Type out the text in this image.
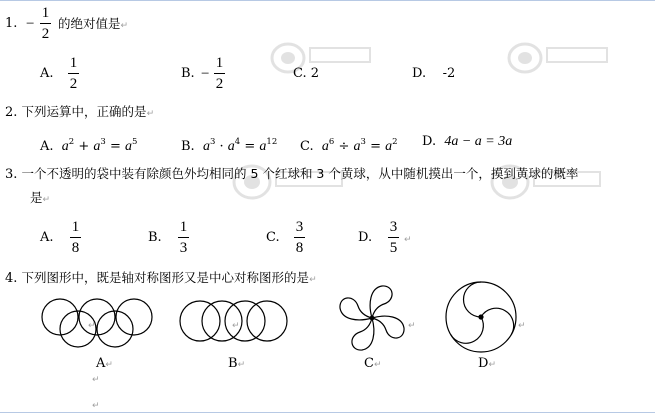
1. −
1
2
的绝对值是↵
A.
1
2
B. −
1
2
C. 2	D. -2
2. 下列运算中，正确的是↵
A. $a^2 + a^3 = a^5$	B. $a^3 \cdot a^4 = a^{12}$ C. $a^6 \div a^3 = a^2$ D. 4a − a = 3a
3. 一个不透明的袋中装有除颜色外均相同的 5 个红球和 3 个黄球，从中随机摸出一个，摸到黄球的概率
是↵
A.
1
8
B.
1
3
C.
3
8
D.
3
5 ↵
4. 下列图形中，既是轴对称图形又是中心对称图形的是↵
↵	↵	↵	↵
A↵	B↵	C↵	D↵
↵
↵
